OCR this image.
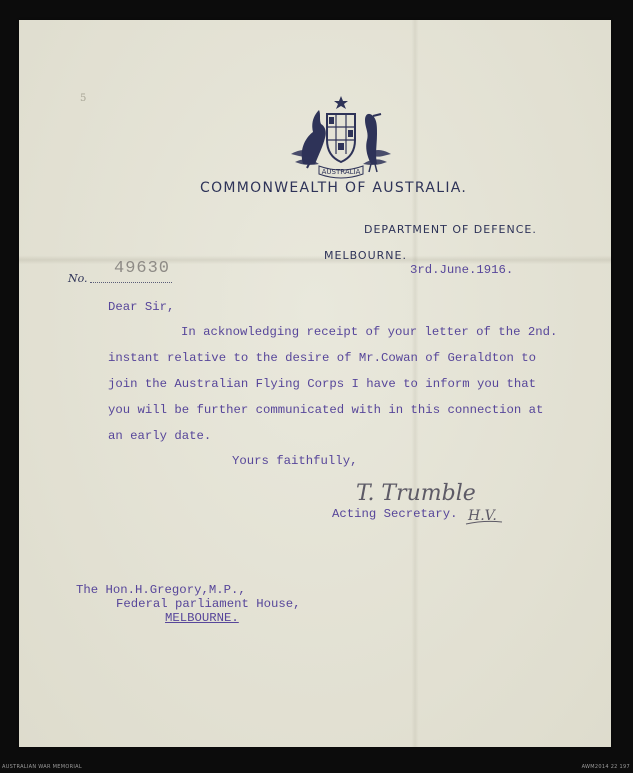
5
AUSTRALIA
COMMONWEALTH OF AUSTRALIA.
DEPARTMENT OF DEFENCE.
MELBOURNE.
No.
49630	3rd.June.1916.
Dear Sir,
In acknowledging receipt of your letter of the 2nd.
instant relative to the desire of Mr.Cowan of Geraldton to
join the Australian Flying Corps I have to inform you that
you will be further communicated with in this connection at
an early date.
Yours faithfully,
T. Trumble
Acting Secretary. H.V.
The Hon.H.Gregory,M.P.,
Federal parliament House,
MELBOURNE.
AUSTRALIAN WAR MEMORIAL	AWM2014 22 197
